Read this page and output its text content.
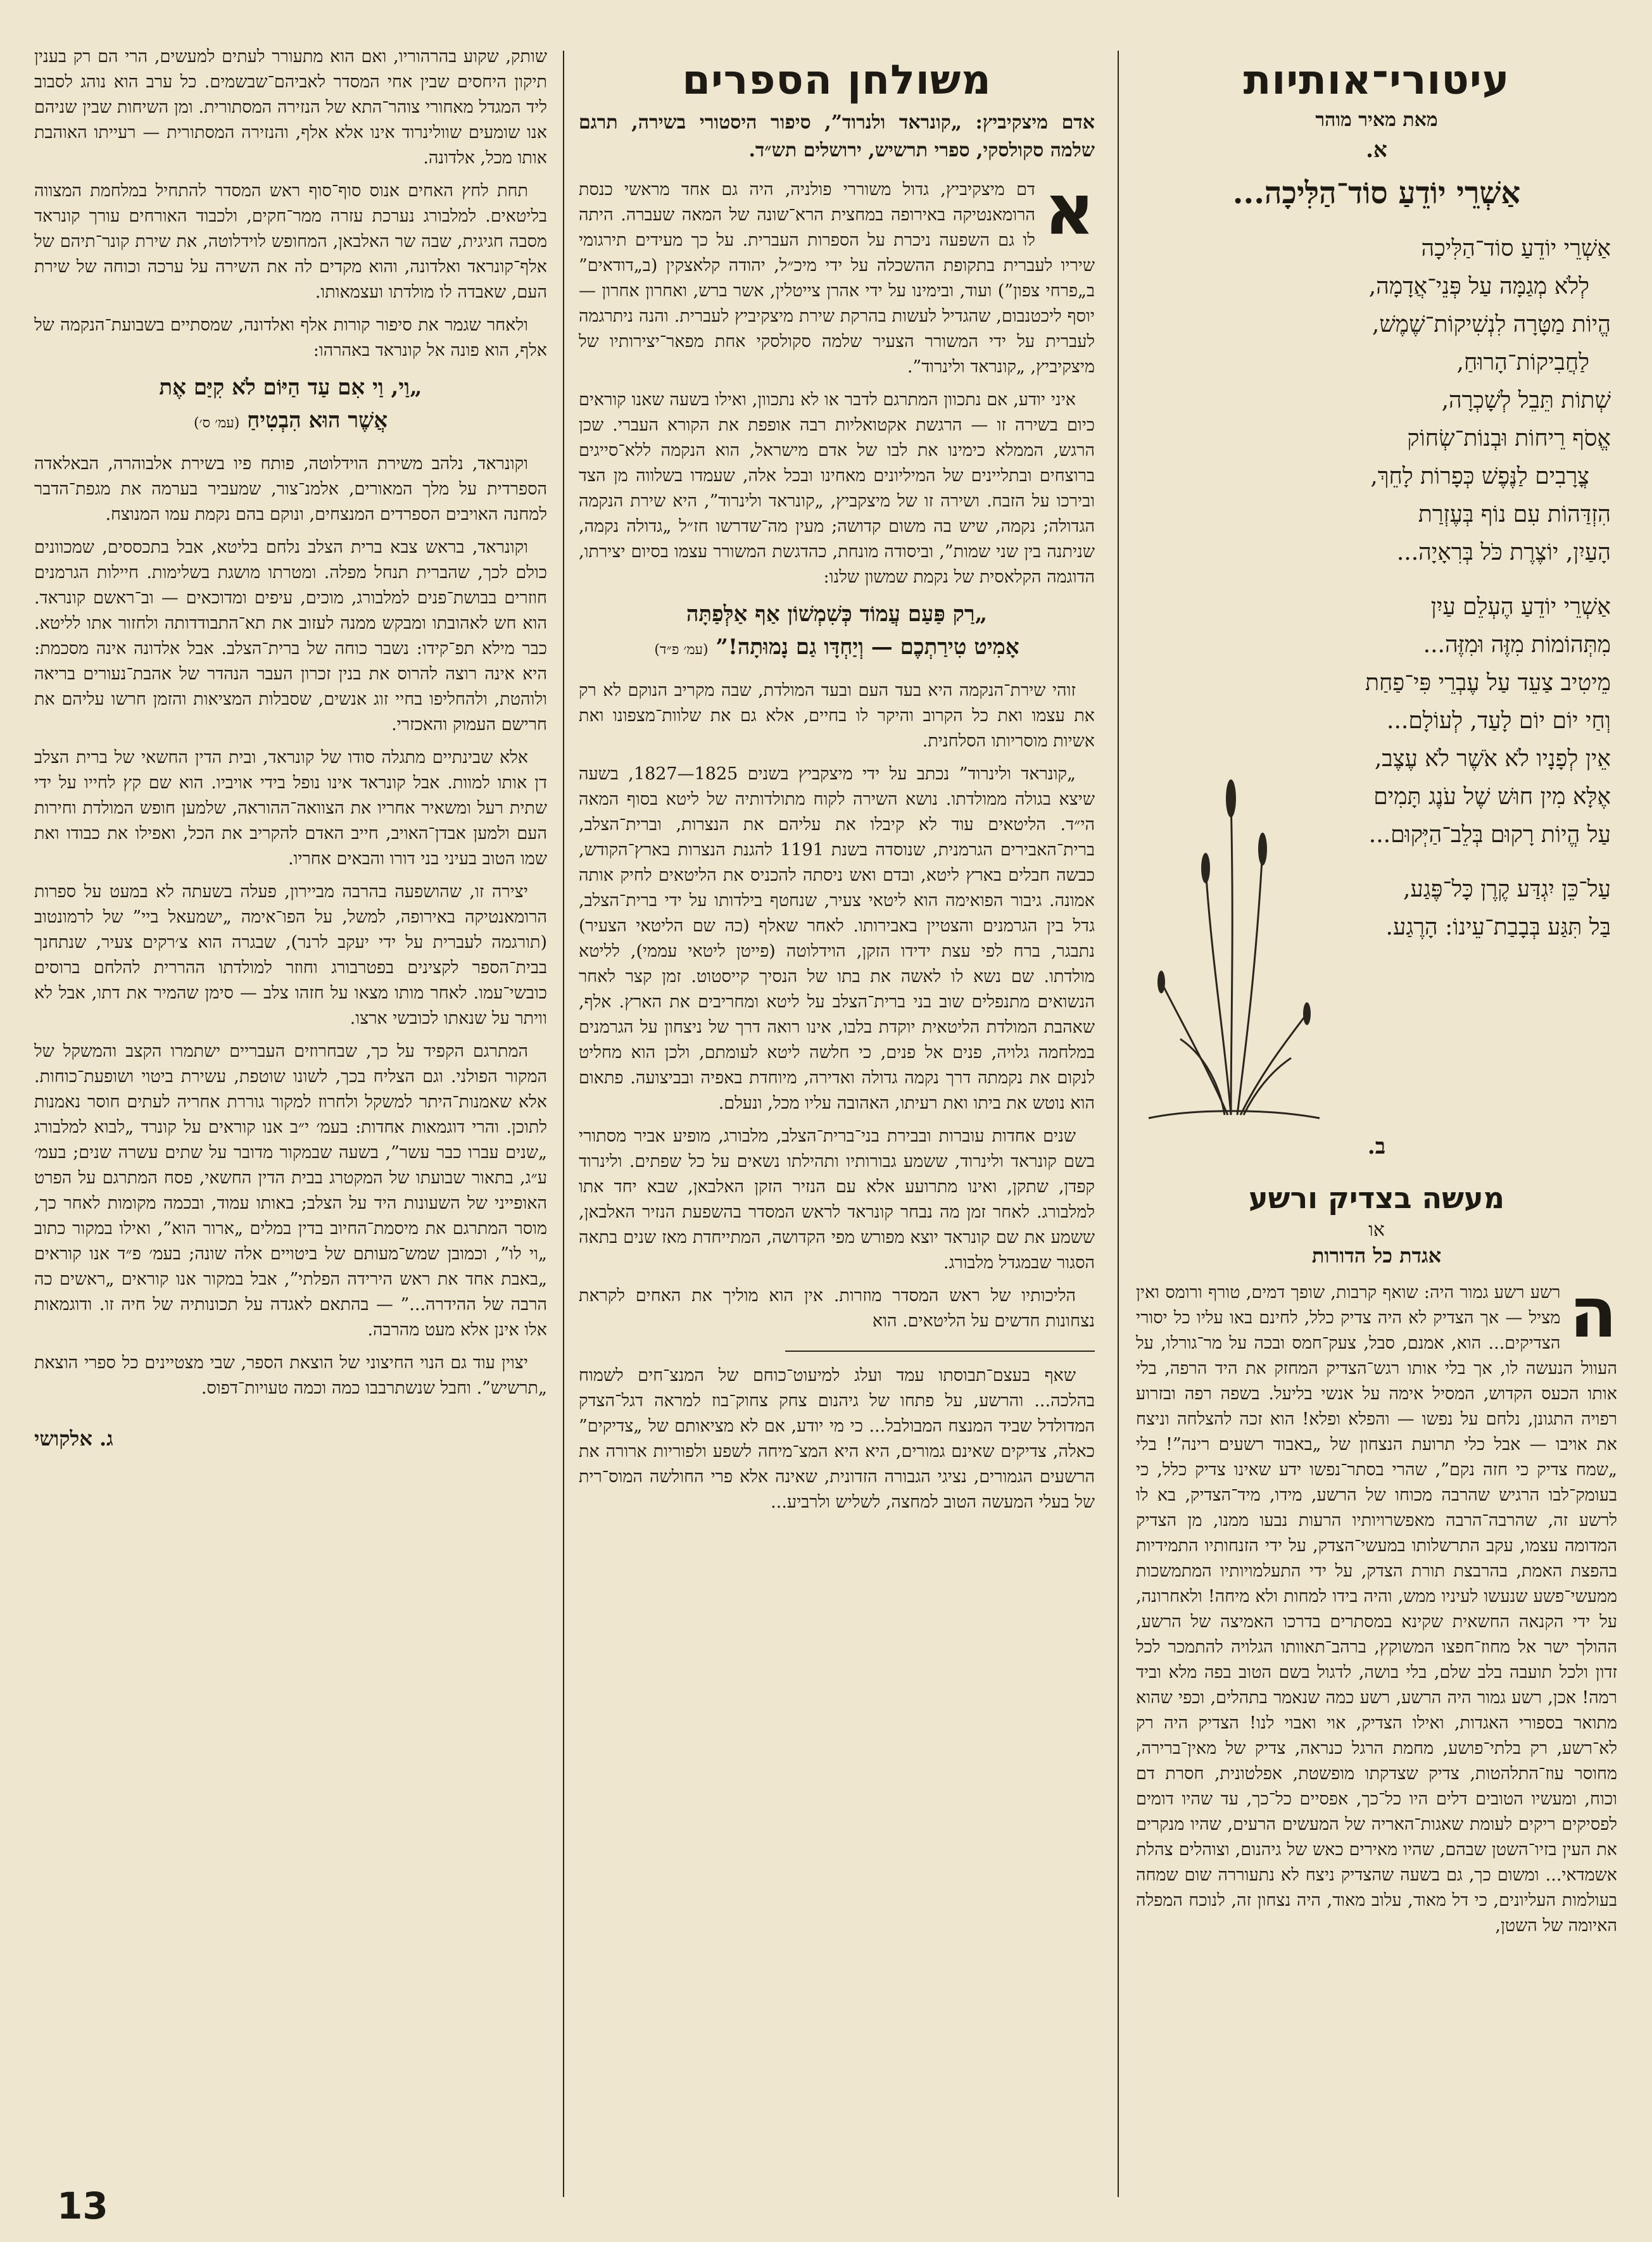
עיטורי־אותיות
מאת מאיר מוהר
א.
אַשְׁרֵי יוֹדֵעַ סוֹד־הַלִּיכָה...
אַשְׁרֵי יוֹדֵעַ סוֹד־הַלִּיכָה
לְלֹא מְגַמָּה עַל פְּנֵי־אֲדָמָה,
הֱיוֹת מַטָּרָה לִנְשִׁיקוֹת־שֶׁמֶשׁ,
לַחֲבִיקוֹת־הָרוּחַ,
שְׁתוֹת תֵּבֵל לְשָׁכְרָה,
אֱסֹף רֵיחוֹת וּבְנוֹת־שְׂחוֹק
צֳרָבִים לַנֶּפֶשׁ כְּפָרוֹת לָחֵךְ,
הִזְדַּהוֹת עִם נוֹף בְּעֶזְרַת
הָעַיִן, יוֹצֶרֶת כֹּל בְּרִאָיָה...
אַשְׁרֵי יוֹדֵעַ הֶעְלֵם עַיִן
מִתְּהוֹמוֹת מִזֶּה וּמִזֶּה...
מֵיטִיב צַעֵד עַל עֶבְרֵי פִּי־פַחַת
וְחַי יוֹם יוֹם לָעַד, לְעוֹלָם...
אֵין לְפָנָיו לֹא אֹשֶׁר לֹא עֶצֶב,
אֶלָּא מִין חוּשׁ שֶׁל עֹנֶג תָּמִים
עַל הֱיוֹת רָקוּם בְּלֵב־הַיְּקוּם...
עַל־כֵּן יִגְדַּע קֶרֶן כָּל־פֶּגַע,
בַּל תִּגַּע בְּבָבַת־עֵינוֹ: הָרֶגַע.
ב.
מעשה בצדיק ורשע
או
אגדת כל הדורות

ה
רשע רשע גמור היה: שואף קרבות, שופך דמים, טורף ורומס ואין מציל — אך הצדיק לא היה צדיק כלל, לחינם באו עליו כל יסורי הצדיקים... הוא, אמנם, סבל, צעק־חמס ובכה על מר־גורלו, על העוול הנעשה לו, אך בלי אותו רגש־הצדיק המחזק את היד הרפה, בלי אותו הכעס הקדוש, המסיל אימה על אנשי בליעל. בשפה רפה ובזרוע רפויה התגונן, נלחם על נפשו — והפלא ופלא! הוא זכה להצלחה וניצח את אויבו — אבל כלי תרועת הנצחון של „באבוד רשעים רינה”! בלי „שמח צדיק כי חזה נקם”, שהרי בסתר־נפשו ידע שאינו צדיק כלל, כי בעומק־לבו הרגיש שהרבה מכוחו של הרשע, מידו, מיד־הצדיק, בא לו לרשע זה, שהרבה־הרבה מאפשרויותיו הרעות נבעו ממנו, מן הצדיק המדומה עצמו, עקב התרשלותו במעשי־הצדק, על ידי הזנחותיו התמידיות בהפצת האמת, בהרבצת תורת הצדק, על ידי התעלמויותיו המתמשכות ממעשי־פשע שנעשו לעיניו ממש, והיה בידו למחות ולא מיחה! ולאחרונה, על ידי הקנאה החשאית שקינא במסתרים בדרכו האמיצה של הרשע, ההולך ישר אל מחוז־חפצו המשוקץ, ברהב־תאוותו הגלויה להתמכר לכל זדון ולכל תועבה בלב שלם, בלי בושה, לדגול בשם הטוב בפה מלא וביד רמה! אכן, רשע גמור היה הרשע, רשע כמה שנאמר בתהלים, וכפי שהוא מתואר בספורי האגדות, ואילו הצדיק, אוי ואבוי לנו! הצדיק היה רק לא־רשע, רק בלתי־פושע, מחמת הרגל כנראה, צדיק של מאין־ברירה, מחוסר עוז־התלהטות, צדיק שצדקתו מופשטת, אפלטונית, חסרת דם וכוח, ומעשיו הטובים דלים היו כל־כך, אפסיים כל־כך, עד שהיו דומים לפסיקים ריקים לעומת שאגות־האריה של המעשים הרעים, שהיו מנקרים את העין בזיו־השטן שבהם, שהיו מאירים כאש של גיהנום, וצוהלים צהלת אשמדאי... ומשום כך, גם בשעה שהצדיק ניצח לא נתעוררה שום שמחה בעולמות העליונים, כי דל מאוד, עלוב מאוד, היה נצחון זה, לנוכח המפלה האיומה של השטן,

משולחן הספרים
אדם מיצקיביץ: „קונראד ולנרוד”, סיפור היסטורי בשירה, תרגם שלמה סקולסקי, ספרי תרשיש, ירושלים תש״ד.

א
דם מיצקיביץ, גדול משוררי פולניה, היה גם אחד מראשי כנסת הרומאנטיקה באירופה במחצית הרא־שונה של המאה שעברה. היתה לו גם השפעה ניכרת על הספרות העברית. על כך מעידים תירגומי שיריו לעברית בתקופת ההשכלה על ידי מיכ״ל, יהודה קלאצקין (ב„דודאים” ב„פרחי צפון”) ועוד, ובימינו על ידי אהרן צייטלין, אשר ברש, ואחרון אחרון — יוסף ליכטנבום, שהגדיל לעשות בהרקת שירת מיצקיביץ לעברית. והנה ניתרגמה לעברית על ידי המשורר הצעיר שלמה סקולסקי אחת מפאר־יצירותיו של מיצקיביץ, „קונראד ולינרוד”.

איני יודע, אם נתכוון המתרגם לדבר או לא נתכוון, ואילו בשעה שאנו קוראים כיום בשירה זו — הרגשת אקטואליות רבה אופפת את הקורא העברי. שכן הרגש, הממלא כימינו את לבו של אדם מישראל, הוא הנקמה ללא־סייגים ברוצחים ובתליינים של המיליונים מאחינו ובכל אלה, שעמדו בשלווה מן הצד ובירכו על הזבח. ושירה זו של מיצקביץ, „קונראד ולינרוד”, היא שירת הנקמה הגדולה; נקמה, שיש בה משום קדושה; מעין מה־שדרשו חז״ל „גדולה נקמה, שניתנה בין שני שמות”, וביסודה מונחת, כהדגשת המשורר עצמו בסיום יצירתו, הדוגמה הקלאסית של נקמת שמשון שלנו:

„רַק פַּעַם עֲמוֹד כְּשִׁמְשׁוֹן אַף אַלְּפַתָּה
אָמִיט טִירַתְכֶם — וְיַחְדָּו גַם נָמוּתָה!” (עמ׳ פ״ד)

זוהי שירת־הנקמה היא בעד העם ובעד המולדת, שבה מקריב הנוקם לא רק את עצמו ואת כל הקרוב והיקר לו בחיים, אלא גם את שלוות־מצפונו ואת אשיות מוסריותו הסלחנית.

„קונראד ולינרוד” נכתב על ידי מיצקביץ בשנים 1825—1827, בשעה שיצא בגולה ממולדתו. נושא השירה לקוח מתולדותיה של ליטא בסוף המאה הי״ד. הליטאים עוד לא קיבלו את עליהם את הנצרות, וברית־הצלב, ברית־האבירים הגרמנית, שנוסדה בשנת 1191 להגנת הנצרות בארץ־הקודש, כבשה חבלים בארץ ליטא, ובדם ואש ניסתה להכניס את הליטאים לחיק אותה אמונה. גיבור הפואימה הוא ליטאי צעיר, שנחטף בילדותו על ידי ברית־הצלב, גדל בין הגרמנים והצטיין באבירותו. לאחר שאלף (כה שם הליטאי הצעיר) נתבגר, ברח לפי עצת ידידו הזקן, הוידלוטה (פייטן ליטאי עממי), לליטא מולדתו. שם נשא לו לאשה את בתו של הנסיך קייסטוט. זמן קצר לאחר הנשואים מתנפלים שוב בני ברית־הצלב על ליטא ומחריבים את הארץ. אלף, שאהבת המולדת הליטאית יוקדת בלבו, אינו רואה דרך של ניצחון על הגרמנים במלחמה גלויה, פנים אל פנים, כי חלשה ליטא לעומתם, ולכן הוא מחליט לנקום את נקמתה דרך נקמה גדולה ואדירה, מיוחדת באפיה ובביצועה. פתאום הוא נוטש את ביתו ואת רעיתו, האהובה עליו מכל, ונעלם.

שנים אחדות עוברות ובבירת בני־ברית־הצלב, מלבורג, מופיע אביר מסתורי בשם קונראד ולינרוד, ששמע גבורותיו ותהילתו נשאים על כל שפתים. ולינרוד קפדן, שתקן, ואינו מתרועע אלא עם הנזיר הזקן האלבאן, שבא יחד אתו למלבורג. לאחר זמן מה נבחר קונראד לראש המסדר בהשפעת הנזיר האלבאן, ששמע את שם קונראד יוצא מפורש מפי הקדושה, המתייחדת מאז שנים בתאה הסגור שבמגדל מלבורג.

הליכותיו של ראש המסדר מוזרות. אין הוא מוליך את האחים לקראת נצחונות חדשים על הליטאים. הוא

שאף בעצם־תבוסתו עמד ועלג למיעוט־כוחם של המנצ־חים לשמוח בהלכה... והרשע, על פתחו של גיהנום צחק צחוק־בוז למראה דגל־הצדק המדולדל שביד המנצח המבולבל... כי מי יודע, אם לא מציאותם של „צדיקים” כאלה, צדיקים שאינם גמורים, היא היא המצ־מיחה לשפע ולפוריות ארורה את הרשעים הגמורים, נציגי הגבורה הזדונית, שאינה אלא פרי החולשה המוס־רית של בעלי המעשה הטוב למחצה, לשליש ולרביע...

שותק, שקוע בהרהוריו, ואם הוא מתעורר לעתים למעשים, הרי הם רק בענין תיקון היחסים שבין אחי המסדר לאביהם־שבשמים. כל ערב הוא נוהג לסבוב ליד המגדל מאחורי צוהר־התא של הנזירה המסתורית. ומן השיחות שבין שניהם אנו שומעים שוולינרוד אינו אלא אלף, והנזירה המסתורית — רעייתו האוהבת אותו מכל, אלדונה.

תחת לחץ האחים אנוס סוף־סוף ראש המסדר להתחיל במלחמת המצווה בליטאים. למלבורג נערכת עזרה ממר־חקים, ולכבוד האורחים עורך קונראד מסבה חגיגית, שבה שר האלבאן, המחופש לוידלוטה, את שירת קונר־תיהם של אלף־קונראד ואלדונה, והוא מקדים לה את השירה על ערכה וכוחה של שירת העם, שאבדה לו מולדתו ועצמאותו.

ולאחר שגמר את סיפור קורות אלף ואלדונה, שמסתיים בשבועת־הנקמה של אלף, הוא פונה אל קונראד באהרהו:

„וַי, וַי אִם עַד הַיּוֹם לֹא קִיַּם אֶת
אֲשֶׁר הוּא הִבְטִיחַ (עמ׳ ס׳)

וקונראד, נלהב משירת הוידלוטה, פותח פיו בשירת אלבוהרה, הבאלאדה הספרדית על מלך המאורים, אלמנ־צור, שמעביר בערמה את מגפת־הדבר למחנה האויבים הספרדים המנצחים, ונוקם בהם נקמת עמו המנוצח.

וקונראד, בראש צבא ברית הצלב נלחם בליטא, אבל בתכססים, שמכוונים כולם לכך, שהברית תנחל מפלה. ומטרתו מושגת בשלימות. חיילות הגרמנים חוזרים בבושת־פנים למלבורג, מוכים, עיפים ומדוכאים — וב־ראשם קונראד. הוא חש לאהובתו ומבקש ממנה לעזוב את תא־התבודדותה ולחזור אתו לליטא. כבר מילא תפ־קידו: נשבר כוחה של ברית־הצלב. אבל אלדונה אינה מסכמת: היא אינה רוצה להרוס את בנין זכרון העבר הנהדר של אהבת־נעורים בריאה ולוהטת, ולהחליפו בחיי זוג אנשים, שסבלות המציאות והזמן חרשו עליהם את חרישם העמוק והאכזרי.

אלא שבינתיים מתגלה סודו של קונראד, ובית הדין החשאי של ברית הצלב דן אותו למוות. אבל קונראד אינו נופל בידי אויביו. הוא שם קץ לחייו על ידי שתית רעל ומשאיר אחריו את הצוואה־ההוראה, שלמען חופש המולדת וחירות העם ולמען אבדן־האויב, חייב האדם להקריב את הכל, ואפילו את כבודו ואת שמו הטוב בעיני בני דורו והבאים אחריו.

יצירה זו, שהושפעה בהרבה מביירון, פעלה בשעתה לא במעט על ספרות הרומאנטיקה באירופה, למשל, על הפו־אימה „ישמעאל ביי” של לרמונטוב (תורגמה לעברית על ידי יעקב לרנר), שבגרה הוא צ׳רקים צעיר, שנתחנך בבית־הספר לקצינים בפטרבורג וחוזר למולדתו ההררית להלחם ברוסים כובשי־עמו. לאחר מותו מצאו על חזהו צלב — סימן שהמיר את דתו, אבל לא וויתר על שנאתו לכובשי ארצו.

המתרגם הקפיד על כך, שבחרוזים העבריים ישתמרו הקצב והמשקל של המקור הפולני. וגם הצליח בכך, לשונו שוטפת, עשירת ביטוי ושופעת־כוחות. אלא שאמנות־היתר למשקל ולחרוז למקור גוררת אחריה לעתים חוסר נאמנות לתוכן. והרי דוגמאות אחדות: בעמ׳ י״ב אנו קוראים על קונרד „לבוא למלבורג „שנים עברו כבר עשר”, בשעה שבמקור מדובר על שתים עשרה שנים; בעמ׳ ע״ג, בתאור שבועתו של המקטרג בבית הדין החשאי, פסח המתרגם על הפרט האופייני של השעונות היד על הצלב; באותו עמוד, ובכמה מקומות לאחר כך, מוסר המתרגם את מיסמת־החיוב בדין במלים „ארור הוא”, ואילו במקור כתוב „וי לו”, וכמובן שמש־מעותם של ביטויים אלה שונה; בעמ׳ פ״ד אנו קוראים „באבת אחד את ראש הירידה הפלתי”, אבל במקור אנו קוראים „ראשים כה הרבה של ההידרה...” — בהתאם לאגדה על תכונותיה של חיה זו. ודוגמאות אלו אינן אלא מעט מהרבה.

יצוין עוד גם הנוי החיצוני של הוצאת הספר, שבי מצטיינים כל ספרי הוצאת „תרשיש”. וחבל שנשתרבבו כמה וכמה טעויות־דפוס.

ג. אלקושי
13
